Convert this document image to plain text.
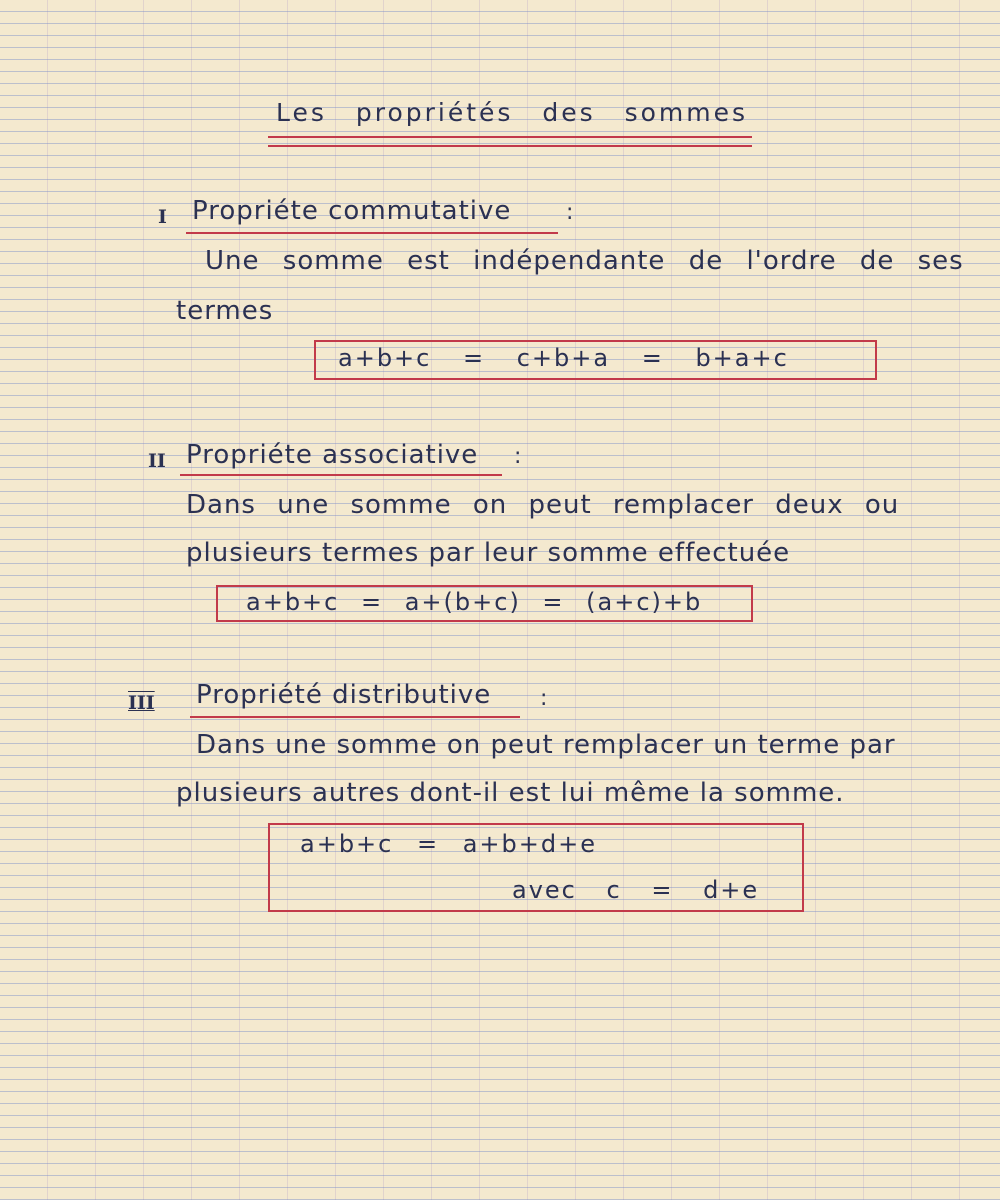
Les propriétés des sommes
I Propriéte commutative :
Une somme est indépendante de l'ordre de ses
termes
a+b+c = c+b+a = b+a+c
II Propriéte associative :
Dans une somme on peut remplacer deux ou
plusieurs termes par leur somme effectuée
a+b+c = a+(b+c) = (a+c)+b
III Propriété distributive :
Dans une somme on peut remplacer un terme par
plusieurs autres dont-il est lui même la somme.
a+b+c = a+b+d+e
avec c = d+e
